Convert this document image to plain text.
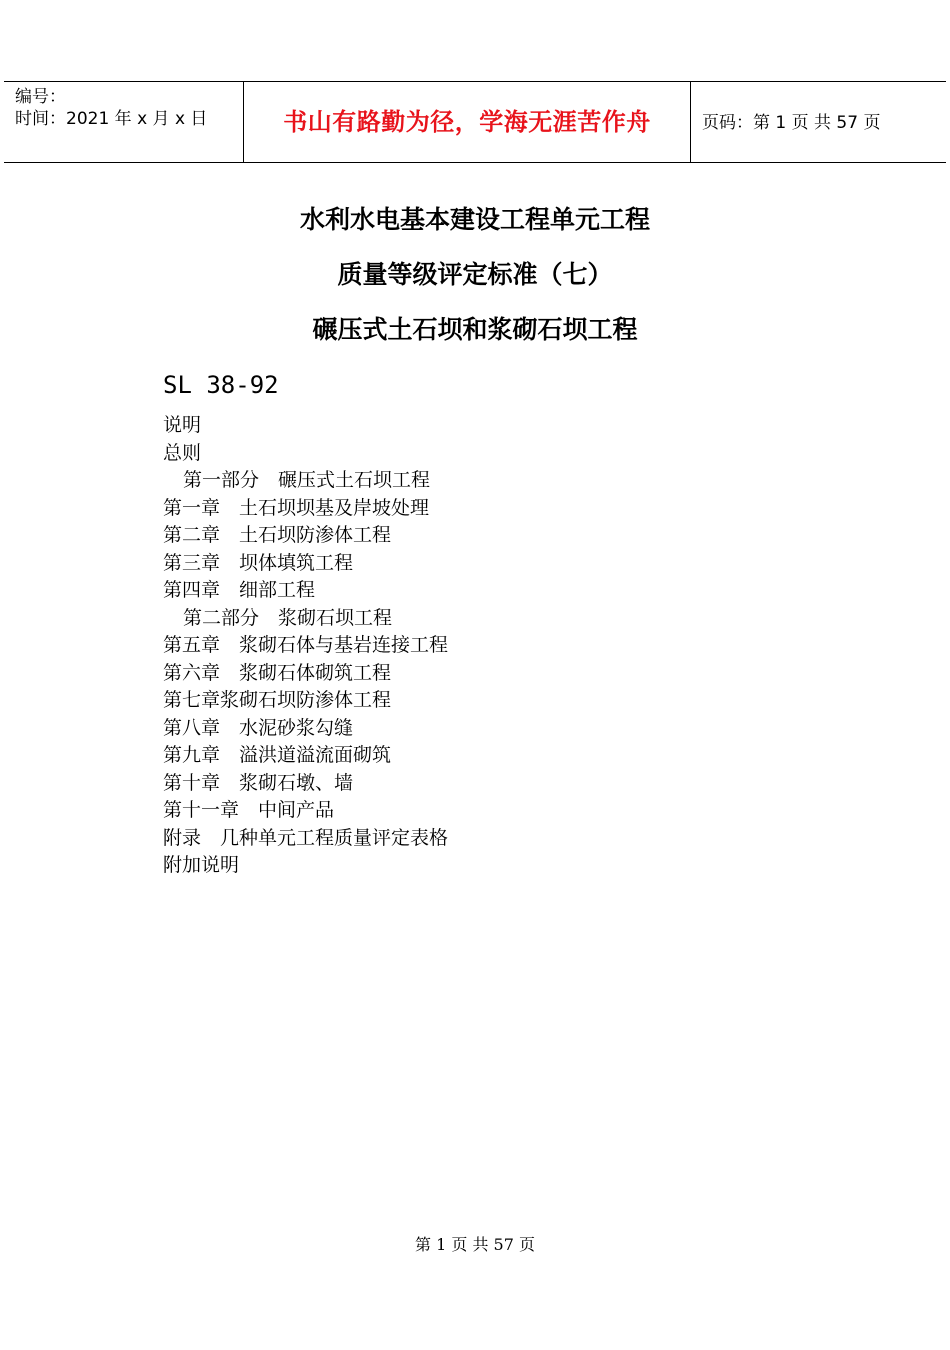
编号：
时间：2021 年 x 月 x 日	书山有路勤为径，学海无涯苦作舟	页码：第 1 页 共 57 页
水利水电基本建设工程单元工程
质量等级评定标准（七）
碾压式土石坝和浆砌石坝工程
SL 38-92
说明
总则
第一部分　碾压式土石坝工程
第一章　土石坝坝基及岸坡处理
第二章　土石坝防渗体工程
第三章　坝体填筑工程
第四章　细部工程
第二部分　浆砌石坝工程
第五章　浆砌石体与基岩连接工程
第六章　浆砌石体砌筑工程
第七章浆砌石坝防渗体工程
第八章　水泥砂浆勾缝
第九章　溢洪道溢流面砌筑
第十章　浆砌石墩、墙
第十一章　中间产品
附录　几种单元工程质量评定表格
附加说明
第 1 页 共 57 页
